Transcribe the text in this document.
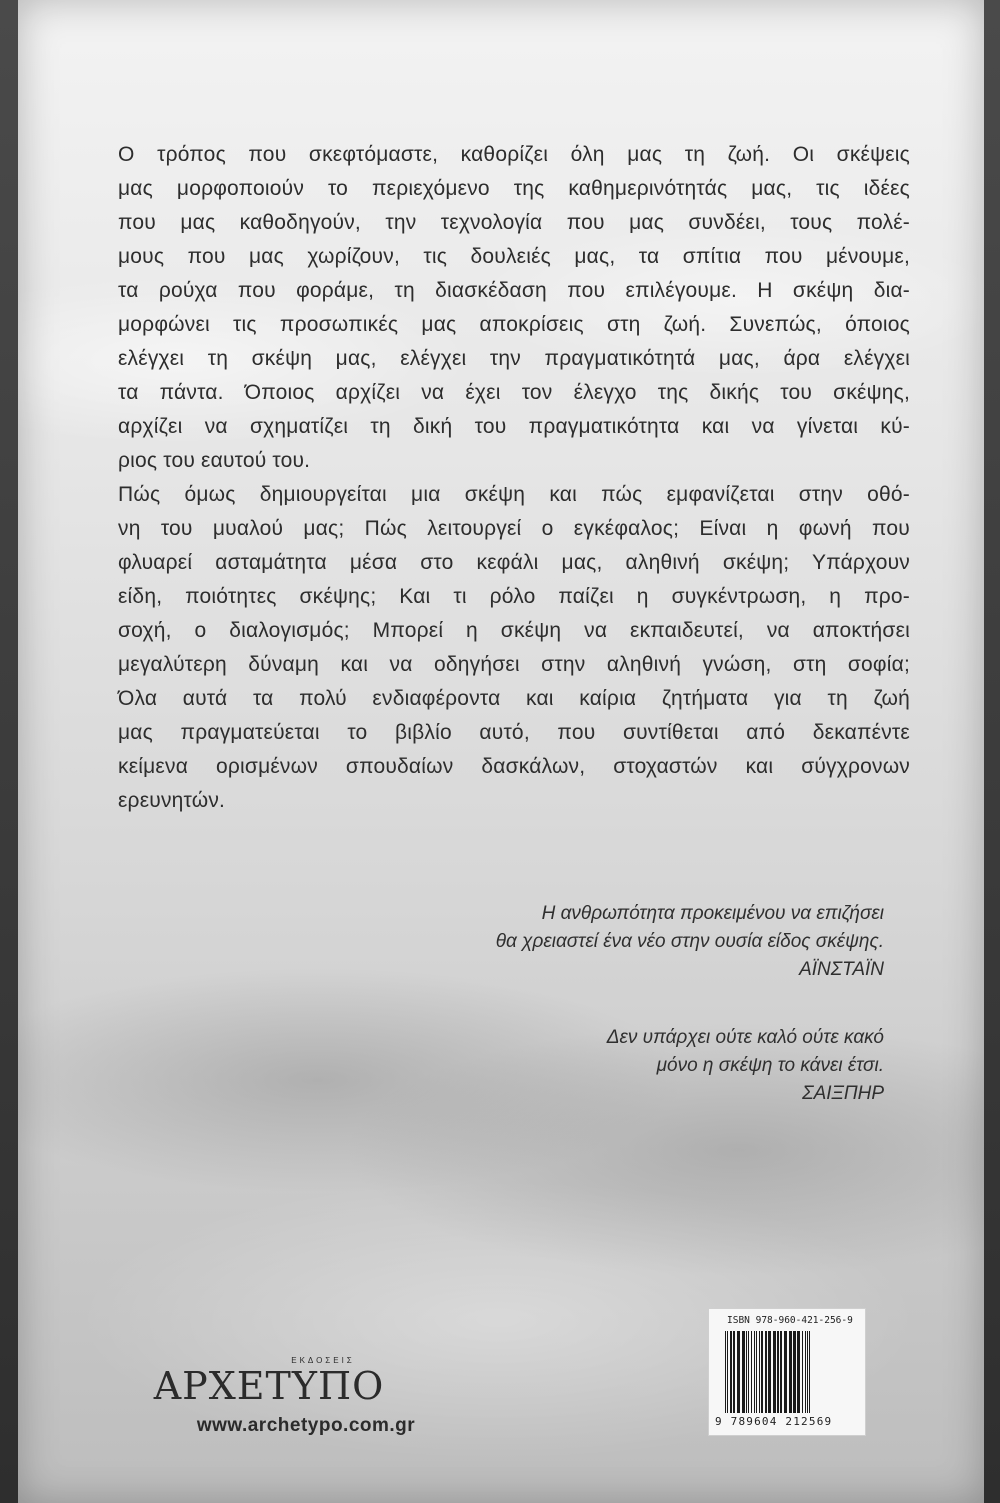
Ο τρόπος που σκεφτόμαστε, καθορίζει όλη μας τη ζωή. Οι σκέψεις
μας μορφοποιούν το περιεχόμενο της καθημερινότητάς μας, τις ιδέες
που μας καθοδηγούν, την τεχνολογία που μας συνδέει, τους πολέ-
μους που μας χωρίζουν, τις δουλειές μας, τα σπίτια που μένουμε,
τα ρούχα που φοράμε, τη διασκέδαση που επιλέγουμε. Η σκέψη δια-
μορφώνει τις προσωπικές μας αποκρίσεις στη ζωή. Συνεπώς, όποιος
ελέγχει τη σκέψη μας, ελέγχει την πραγματικότητά μας, άρα ελέγχει
τα πάντα. Όποιος αρχίζει να έχει τον έλεγχο της δικής του σκέψης,
αρχίζει να σχηματίζει τη δική του πραγματικότητα και να γίνεται κύ-
ριος του εαυτού του.
Πώς όμως δημιουργείται μια σκέψη και πώς εμφανίζεται στην οθό-
νη του μυαλού μας; Πώς λειτουργεί ο εγκέφαλος; Είναι η φωνή που
φλυαρεί ασταμάτητα μέσα στο κεφάλι μας, αληθινή σκέψη; Υπάρχουν
είδη, ποιότητες σκέψης; Και τι ρόλο παίζει η συγκέντρωση, η προ-
σοχή, ο διαλογισμός; Μπορεί η σκέψη να εκπαιδευτεί, να αποκτήσει
μεγαλύτερη δύναμη και να οδηγήσει στην αληθινή γνώση, στη σοφία;
Όλα αυτά τα πολύ ενδιαφέροντα και καίρια ζητήματα για τη ζωή
μας πραγματεύεται το βιβλίο αυτό, που συντίθεται από δεκαπέντε
κείμενα ορισμένων σπουδαίων δασκάλων, στοχαστών και σύγχρονων
ερευνητών.
Η ανθρωπότητα προκειμένου να επιζήσει
θα χρειαστεί ένα νέο στην ουσία είδος σκέψης.
ΑΪΝΣΤΑΪΝ
Δεν υπάρχει ούτε καλό ούτε κακό
μόνο η σκέψη το κάνει έτσι.
ΣΑΙΞΠΗΡ
ΕΚΔΟΣΕΙΣ
ΑΡΧΕΤΥΠΟ
www.archetypo.com.gr
ISBN 978-960-421-256-9
9 789604 212569
